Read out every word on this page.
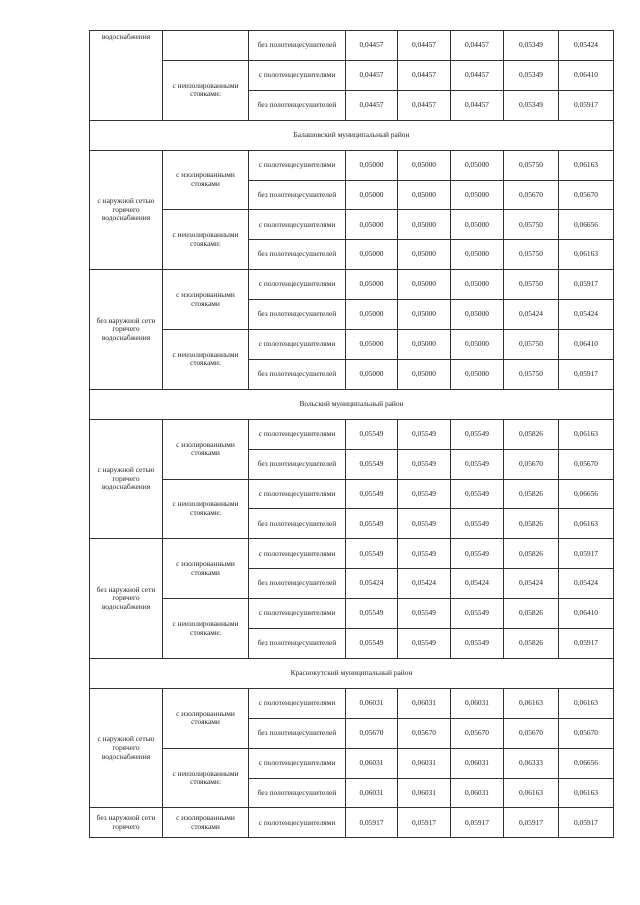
водоснабжения		без полотенцесушителей	0,04457	0,04457	0,04457	0,05349	0,05424
	с неизолированными стояками:	с полотенцесушителями	0,04457	0,04457	0,04457	0,05349	0,06410
		без полотенцесушителей	0,04457	0,04457	0,04457	0,05349	0,05917
Балашовский муниципальный район							
с наружной сетью горячего водоснабжения	с изолированными стояками	с полотенцесушителями	0,05000	0,05000	0,05000	0,05750	0,06163
		без полотенцесушителей	0,05000	0,05000	0,05000	0,05670	0,05670
	с неизолированными стояками:	с полотенцесушителями	0,05000	0,05000	0,05000	0,05750	0,06656
		без полотенцесушителей	0,05000	0,05000	0,05000	0,05750	0,06163
без наружной сети горячего водоснабжения	с изолированными стояками	с полотенцесушителями	0,05000	0,05000	0,05000	0,05750	0,05917
		без полотенцесушителей	0,05000	0,05000	0,05000	0,05424	0,05424
	с неизолированными стояками:	с полотенцесушителями	0,05000	0,05000	0,05000	0,05750	0,06410
		без полотенцесушителей	0,05000	0,05000	0,05000	0,05750	0,05917
Вольский муниципальный район							
с наружной сетью горячего водоснабжения	с изолированными стояками	с полотенцесушителями	0,05549	0,05549	0,05549	0,05826	0,06163
		без полотенцесушителей	0,05549	0,05549	0,05549	0,05670	0,05670
	с неизолированными стояками:	с полотенцесушителями	0,05549	0,05549	0,05549	0,05826	0,06656
		без полотенцесушителей	0,05549	0,05549	0,05549	0,05826	0,06163
без наружной сети горячего водоснабжения	с изолированными стояками	с полотенцесушителями	0,05549	0,05549	0,05549	0,05826	0,05917
		без полотенцесушителей	0,05424	0,05424	0,05424	0,05424	0,05424
	с неизолированными стояками:	с полотенцесушителями	0,05549	0,05549	0,05549	0,05826	0,06410
		без полотенцесушителей	0,05549	0,05549	0,05549	0,05826	0,05917
Краснокутский муниципальный район							
с наружной сетью горячего водоснабжения	с изолированными стояками	с полотенцесушителями	0,06031	0,06031	0,06031	0,06163	0,06163
		без полотенцесушителей	0,05670	0,05670	0,05670	0,05670	0,05670
	с неизолированными стояками:	с полотенцесушителями	0,06031	0,06031	0,06031	0,06333	0,06656
		без полотенцесушителей	0,06031	0,06031	0,06031	0,06163	0,06163
без наружной сети горячего	с изолированными стояками	с полотенцесушителями	0,05917	0,05917	0,05917	0,05917	0,05917
